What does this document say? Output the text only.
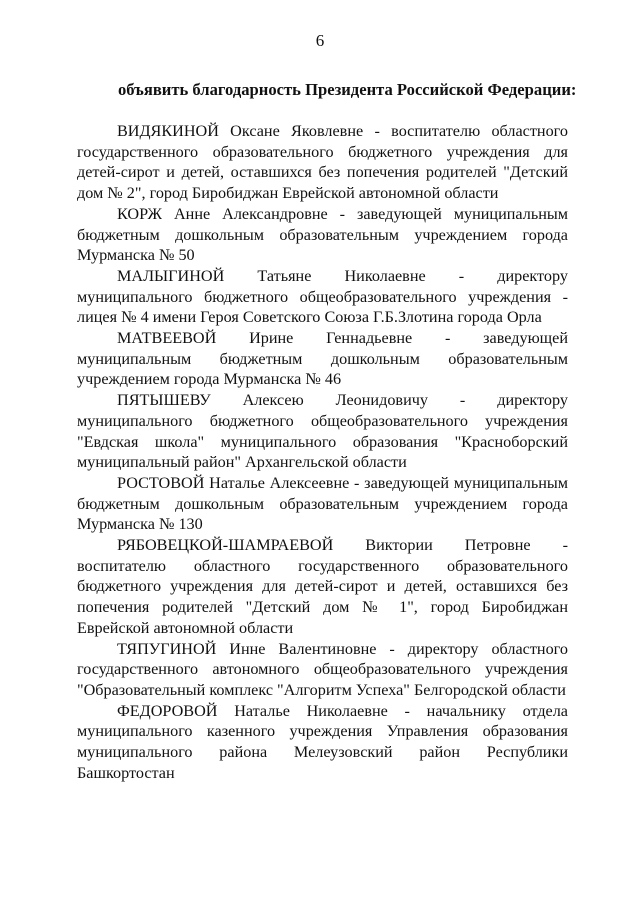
6
объявить благодарность Президента Российской Федерации:
ВИДЯКИНОЙ Оксане Яковлевне - воспитателю областного государственного образовательного бюджетного учреждения для детей-сирот и детей, оставшихся без попечения родителей "Детский дом № 2", город Биробиджан Еврейской автономной области
КОРЖ Анне Александровне - заведующей муниципальным бюджетным дошкольным образовательным учреждением города Мурманска № 50
МАЛЫГИНОЙ Татьяне Николаевне - директору муниципального бюджетного общеобразовательного учреждения - лицея № 4 имени Героя Советского Союза Г.Б.Злотина города Орла
МАТВЕЕВОЙ Ирине Геннадьевне - заведующей муниципальным бюджетным дошкольным образовательным учреждением города Мурманска № 46
ПЯТЫШЕВУ Алексею Леонидовичу - директору муниципального бюджетного общеобразовательного учреждения "Евдская школа" муниципального образования "Красноборский муниципальный район" Архангельской области
РОСТОВОЙ Наталье Алексеевне - заведующей муниципальным бюджетным дошкольным образовательным учреждением города Мурманска № 130
РЯБОВЕЦКОЙ-ШАМРАЕВОЙ Виктории Петровне - воспитателю областного государственного образовательного бюджетного учреждения для детей-сирот и детей, оставшихся без попечения родителей "Детский дом № 1", город Биробиджан Еврейской автономной области
ТЯПУГИНОЙ Инне Валентиновне - директору областного государственного автономного общеобразовательного учреждения "Образовательный комплекс "Алгоритм Успеха" Белгородской области
ФЕДОРОВОЙ Наталье Николаевне - начальнику отдела муниципального казенного учреждения Управления образования муниципального района Мелеузовский район Республики Башкортостан
